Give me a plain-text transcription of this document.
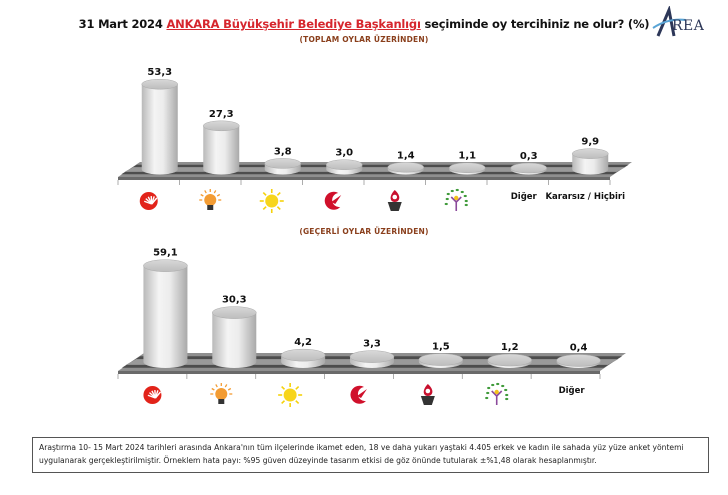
31 Mart 2024 ANKARA Büyükşehir Belediye Başkanlığı seçiminde oy tercihiniz ne olur? (%)	REA
(TOPLAM OYLAR ÜZERİNDEN)
(GEÇERLİ OYLAR ÜZERİNDEN)
53,3
27,3
3,8	3,0	1,4	1,1	0,3
Diğer
9,9
Kararsız / Hiçbiri
59,1
30,3
4,2	3,3	1,5	1,2	0,4
Diğer
Araştırma 10- 15 Mart 2024 tarihleri arasında Ankara'nın tüm ilçelerinde ikamet eden, 18 ve daha yukarı yaştaki 4.405 erkek ve kadın ile sahada yüz yüze anket yöntemi uygulanarak gerçekleştirilmiştir. Örneklem hata payı: %95 güven düzeyinde tasarım etkisi de göz önünde tutularak ±%1,48 olarak hesaplanmıştır.
